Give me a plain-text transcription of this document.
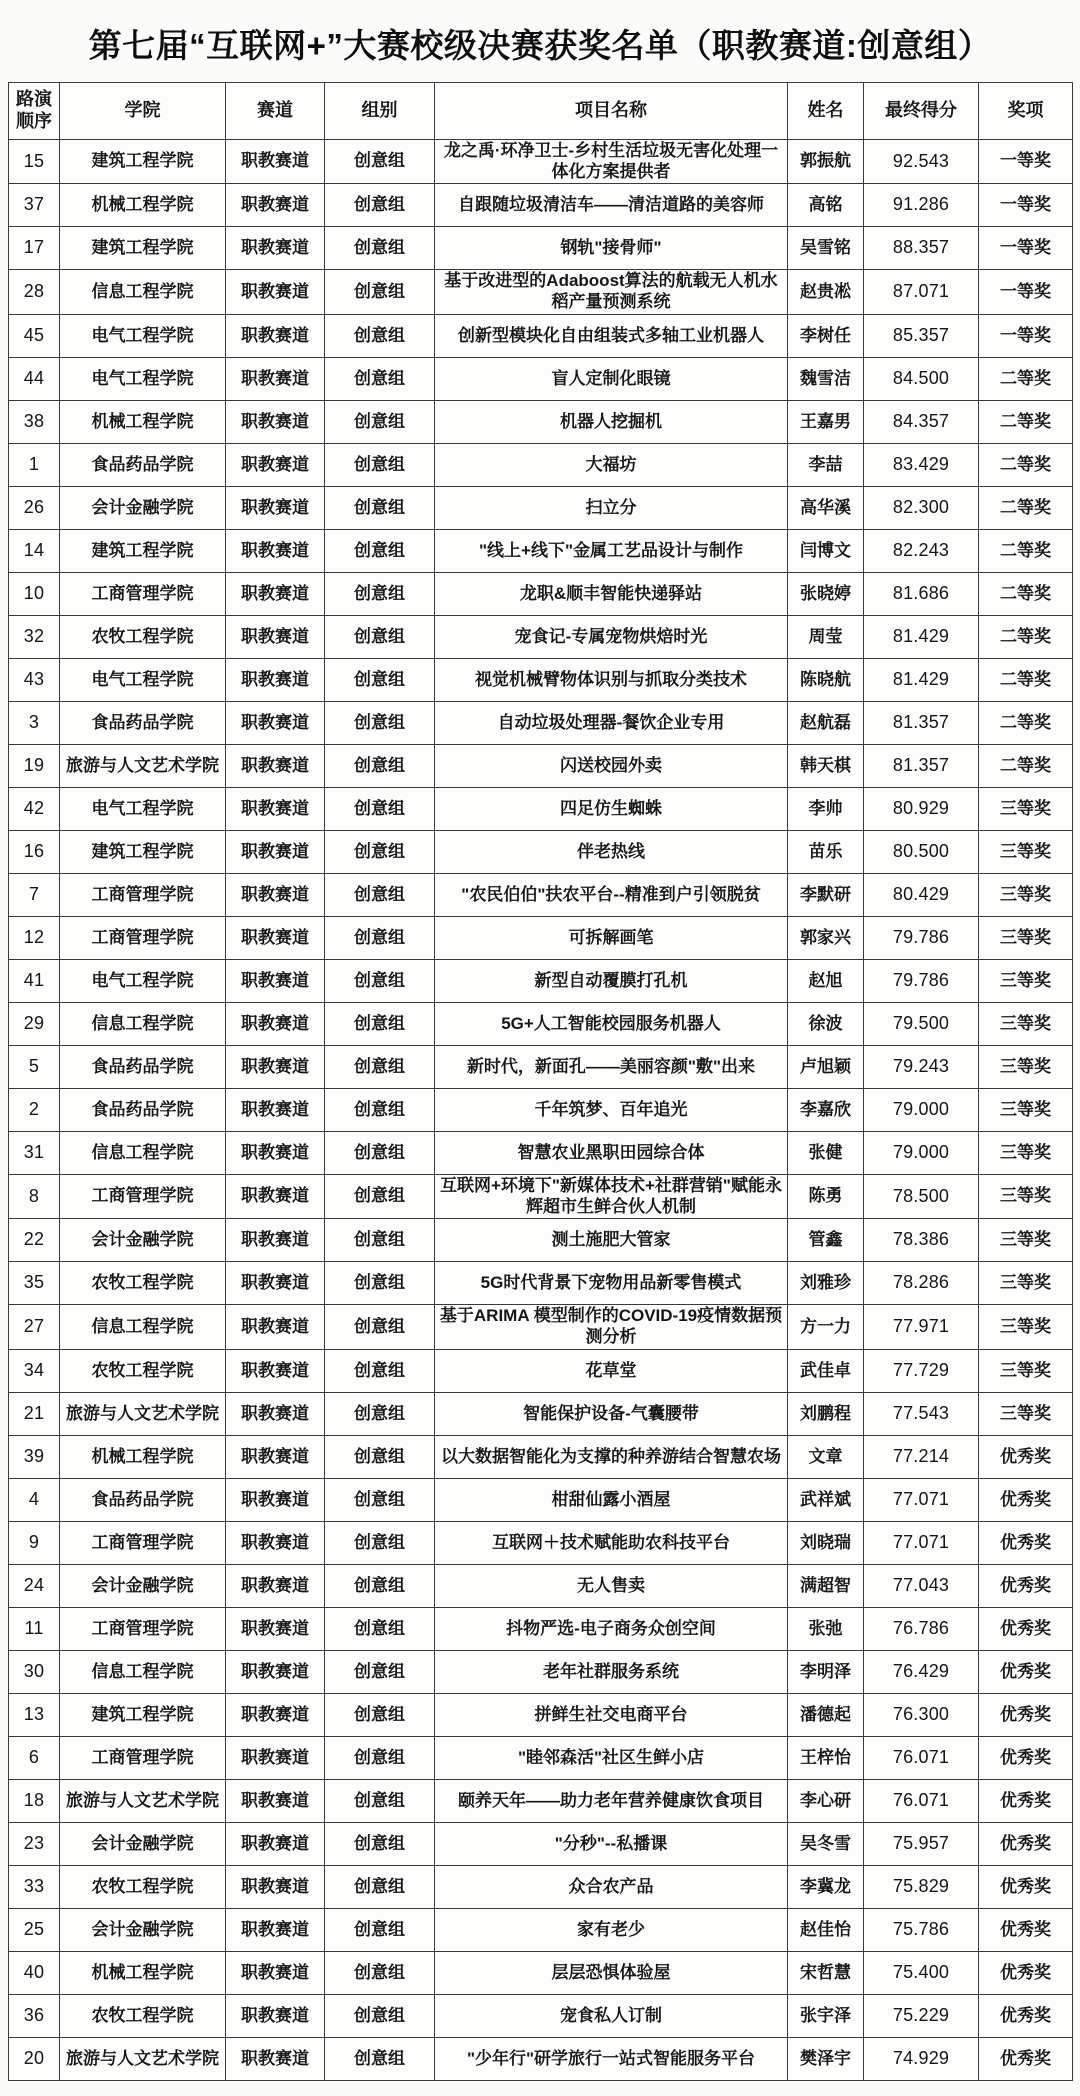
第七届“互联网+”大赛校级决赛获奖名单（职教赛道:创意组）
路演顺序	学院	赛道	组别	项目名称	姓名	最终得分	奖项
15	建筑工程学院	职教赛道	创意组	龙之禹·环净卫士-乡村生活垃圾无害化处理一体化方案提供者	郭振航	92.543	一等奖
37	机械工程学院	职教赛道	创意组	自跟随垃圾清洁车——清洁道路的美容师	高铭	91.286	一等奖
17	建筑工程学院	职教赛道	创意组	钢轨"接骨师"	吴雪铭	88.357	一等奖
28	信息工程学院	职教赛道	创意组	基于改进型的Adaboost算法的航载无人机水稻产量预测系统	赵贵凇	87.071	一等奖
45	电气工程学院	职教赛道	创意组	创新型模块化自由组装式多轴工业机器人	李树任	85.357	一等奖
44	电气工程学院	职教赛道	创意组	盲人定制化眼镜	魏雪洁	84.500	二等奖
38	机械工程学院	职教赛道	创意组	机器人挖掘机	王嘉男	84.357	二等奖
1	食品药品学院	职教赛道	创意组	大福坊	李喆	83.429	二等奖
26	会计金融学院	职教赛道	创意组	扫立分	高华溪	82.300	二等奖
14	建筑工程学院	职教赛道	创意组	"线上+线下"金属工艺品设计与制作	闫博文	82.243	二等奖
10	工商管理学院	职教赛道	创意组	龙职&顺丰智能快递驿站	张晓婷	81.686	二等奖
32	农牧工程学院	职教赛道	创意组	宠食记-专属宠物烘焙时光	周莹	81.429	二等奖
43	电气工程学院	职教赛道	创意组	视觉机械臂物体识别与抓取分类技术	陈晓航	81.429	二等奖
3	食品药品学院	职教赛道	创意组	自动垃圾处理器-餐饮企业专用	赵航磊	81.357	二等奖
19	旅游与人文艺术学院	职教赛道	创意组	闪送校园外卖	韩天棋	81.357	二等奖
42	电气工程学院	职教赛道	创意组	四足仿生蜘蛛	李帅	80.929	三等奖
16	建筑工程学院	职教赛道	创意组	伴老热线	苗乐	80.500	三等奖
7	工商管理学院	职教赛道	创意组	"农民伯伯"扶农平台--精准到户引领脱贫	李默研	80.429	三等奖
12	工商管理学院	职教赛道	创意组	可拆解画笔	郭家兴	79.786	三等奖
41	电气工程学院	职教赛道	创意组	新型自动覆膜打孔机	赵旭	79.786	三等奖
29	信息工程学院	职教赛道	创意组	5G+人工智能校园服务机器人	徐波	79.500	三等奖
5	食品药品学院	职教赛道	创意组	新时代，新面孔——美丽容颜"敷"出来	卢旭颖	79.243	三等奖
2	食品药品学院	职教赛道	创意组	千年筑梦、百年追光	李嘉欣	79.000	三等奖
31	信息工程学院	职教赛道	创意组	智慧农业黑职田园综合体	张健	79.000	三等奖
8	工商管理学院	职教赛道	创意组	互联网+环境下"新媒体技术+社群营销"赋能永辉超市生鲜合伙人机制	陈勇	78.500	三等奖
22	会计金融学院	职教赛道	创意组	测土施肥大管家	管鑫	78.386	三等奖
35	农牧工程学院	职教赛道	创意组	5G时代背景下宠物用品新零售模式	刘雅珍	78.286	三等奖
27	信息工程学院	职教赛道	创意组	基于ARIMA 模型制作的COVID-19疫情数据预测分析	方一力	77.971	三等奖
34	农牧工程学院	职教赛道	创意组	花草堂	武佳卓	77.729	三等奖
21	旅游与人文艺术学院	职教赛道	创意组	智能保护设备-气囊腰带	刘鹏程	77.543	三等奖
39	机械工程学院	职教赛道	创意组	以大数据智能化为支撑的种养游结合智慧农场	文章	77.214	优秀奖
4	食品药品学院	职教赛道	创意组	柑甜仙露小酒屋	武祥斌	77.071	优秀奖
9	工商管理学院	职教赛道	创意组	互联网＋技术赋能助农科技平台	刘晓瑞	77.071	优秀奖
24	会计金融学院	职教赛道	创意组	无人售卖	满超智	77.043	优秀奖
11	工商管理学院	职教赛道	创意组	抖物严选-电子商务众创空间	张弛	76.786	优秀奖
30	信息工程学院	职教赛道	创意组	老年社群服务系统	李明泽	76.429	优秀奖
13	建筑工程学院	职教赛道	创意组	拼鲜生社交电商平台	潘德起	76.300	优秀奖
6	工商管理学院	职教赛道	创意组	"睦邻森活"社区生鲜小店	王梓怡	76.071	优秀奖
18	旅游与人文艺术学院	职教赛道	创意组	颐养天年——助力老年营养健康饮食项目	李心研	76.071	优秀奖
23	会计金融学院	职教赛道	创意组	"分秒"--私播课	吴冬雪	75.957	优秀奖
33	农牧工程学院	职教赛道	创意组	众合农产品	李冀龙	75.829	优秀奖
25	会计金融学院	职教赛道	创意组	家有老少	赵佳怡	75.786	优秀奖
40	机械工程学院	职教赛道	创意组	层层恐惧体验屋	宋哲慧	75.400	优秀奖
36	农牧工程学院	职教赛道	创意组	宠食私人订制	张宇泽	75.229	优秀奖
20	旅游与人文艺术学院	职教赛道	创意组	"少年行"研学旅行一站式智能服务平台	樊泽宇	74.929	优秀奖
